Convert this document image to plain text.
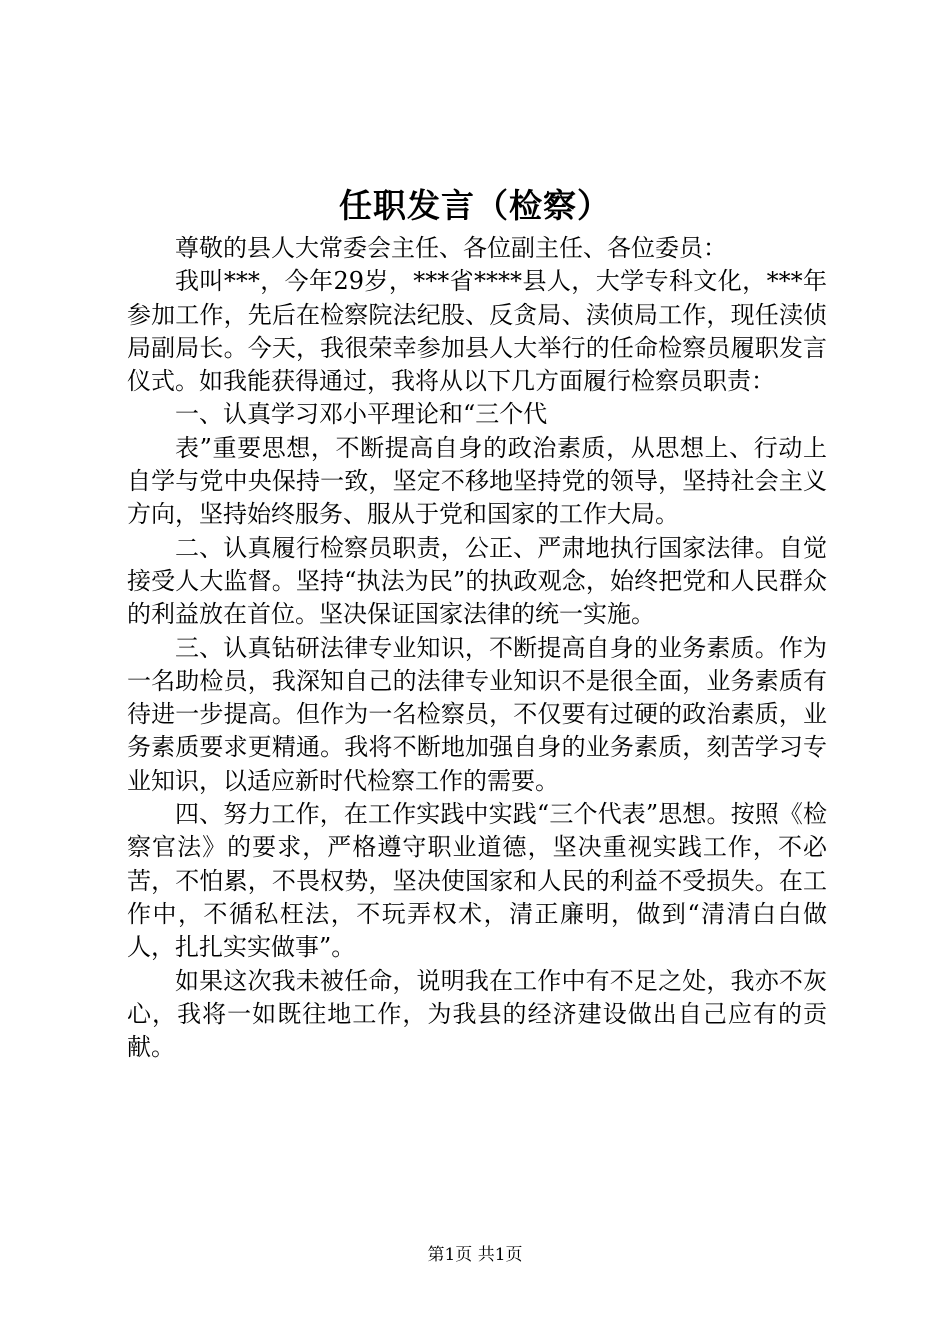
任职发言（检察）

尊敬的县人大常委会主任、各位副主任、各位委员：

我叫***，今年29岁，***省****县人，大学专科文化，***年参加工作，先后在检察院法纪股、反贪局、渎侦局工作，现任渎侦局副局长。今天，我很荣幸参加县人大举行的任命检察员履职发言仪式。如我能获得通过，我将从以下几方面履行检察员职责：

一、认真学习邓小平理论和“三个代

表”重要思想，不断提高自身的政治素质，从思想上、行动上自学与党中央保持一致，坚定不移地坚持党的领导，坚持社会主义方向，坚持始终服务、服从于党和国家的工作大局。

二、认真履行检察员职责，公正、严肃地执行国家法律。自觉接受人大监督。坚持“执法为民”的执政观念，始终把党和人民群众的利益放在首位。坚决保证国家法律的统一实施。

三、认真钻研法律专业知识，不断提高自身的业务素质。作为一名助检员，我深知自己的法律专业知识不是很全面，业务素质有待进一步提高。但作为一名检察员，不仅要有过硬的政治素质，业务素质要求更精通。我将不断地加强自身的业务素质，刻苦学习专业知识，以适应新时代检察工作的需要。

四、努力工作，在工作实践中实践“三个代表”思想。按照《检察官法》的要求，严格遵守职业道德，坚决重视实践工作，不必苦，不怕累，不畏权势，坚决使国家和人民的利益不受损失。在工作中，不循私枉法，不玩弄权术，清正廉明，做到“清清白白做人，扎扎实实做事”。

如果这次我未被任命，说明我在工作中有不足之处，我亦不灰心，我将一如既往地工作，为我县的经济建设做出自己应有的贡献。

第1页 共1页
